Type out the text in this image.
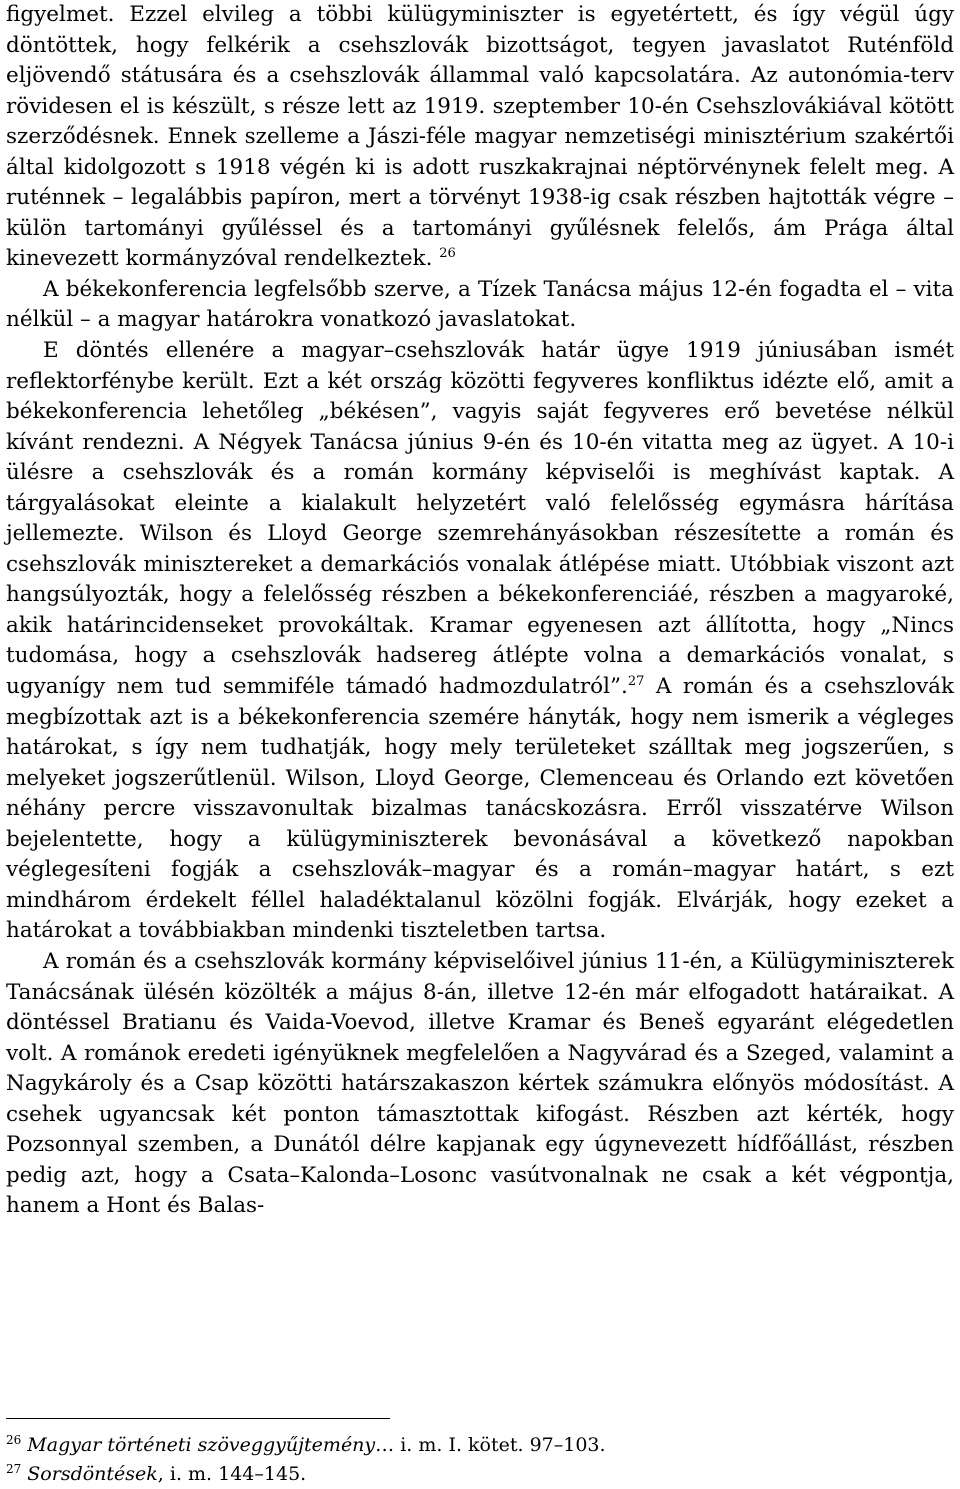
figyelmet. Ezzel elvileg a többi külügyminiszter is egyetértett, és így végül úgy döntöttek, hogy felkérik a csehszlovák bizottságot, tegyen javaslatot Ruténföld eljövendő státusára és a csehszlovák állammal való kapcsolatára. Az autonómia-terv rövidesen el is készült, s része lett az 1919. szeptember 10-én Csehszlovákiával kötött szerződésnek. Ennek szelleme a Jászi-féle magyar nemzetiségi minisztérium szakértői által kidolgozott s 1918 végén ki is adott ruszkakrajnai néptörvénynek felelt meg. A ruténnek – legalábbis papíron, mert a törvényt 1938-ig csak részben hajtották végre – külön tartományi gyűléssel és a tartományi gyűlésnek felelős, ám Prága által kinevezett kormányzóval rendelkeztek. $^{26}$

A békekonferencia legfelsőbb szerve, a Tízek Tanácsa május 12-én fogadta el – vita nélkül – a magyar határokra vonatkozó javaslatokat.

E döntés ellenére a magyar–csehszlovák határ ügye 1919 júniusában ismét reflektorfénybe került. Ezt a két ország közötti fegyveres konfliktus idézte elő, amit a békekonferencia lehetőleg „békésen”, vagyis saját fegyveres erő bevetése nélkül kívánt rendezni. A Négyek Tanácsa június 9-én és 10-én vitatta meg az ügyet. A 10-i ülésre a csehszlovák és a román kormány képviselői is meghívást kaptak. A tárgyalásokat eleinte a kialakult helyzetért való felelősség egymásra hárítása jellemezte. Wilson és Lloyd George szemrehányásokban részesítette a román és csehszlovák minisztereket a demarkációs vonalak átlépése miatt. Utóbbiak viszont azt hangsúlyozták, hogy a felelősség részben a békekonferenciáé, részben a magyaroké, akik határincidenseket provokáltak. Kramar egyenesen azt állította, hogy „Nincs tudomása, hogy a csehszlovák hadsereg átlépte volna a demarkációs vonalat, s ugyanígy nem tud semmiféle támadó hadmozdulatról”.$^{27}$ A román és a csehszlovák megbízottak azt is a békekonferencia szemére hányták, hogy nem ismerik a végleges határokat, s így nem tudhatják, hogy mely területeket szálltak meg jogszerűen, s melyeket jogszerűtlenül. Wilson, Lloyd George, Clemenceau és Orlando ezt követően néhány percre visszavonultak bizalmas tanácskozásra. Erről visszatérve Wilson bejelentette, hogy a külügyminiszterek bevonásával a következő napokban véglegesíteni fogják a csehszlovák–magyar és a román–magyar határt, s ezt mindhárom érdekelt féllel haladéktalanul közölni fogják. Elvárják, hogy ezeket a határokat a továbbiakban mindenki tiszteletben tartsa.

A román és a csehszlovák kormány képviselőivel június 11-én, a Külügyminiszterek Tanácsának ülésén közölték a május 8-án, illetve 12-én már elfogadott határaikat. A döntéssel Bratianu és Vaida-Voevod, illetve Kramar és Beneš egyaránt elégedetlen volt. A románok eredeti igényüknek megfelelően a Nagyvárad és a Szeged, valamint a Nagykároly és a Csap közötti határszakaszon kértek számukra előnyös módosítást. A csehek ugyancsak két ponton támasztottak kifogást. Részben azt kérték, hogy Pozsonnyal szemben, a Dunától délre kapjanak egy úgynevezett hídfőállást, részben pedig azt, hogy a Csata–Kalonda–Losonc vasútvonalnak ne csak a két végpontja, hanem a Hont és Balas-

$^{26}$ Magyar történeti szöveggyűjtemény… i. m. I. kötet. 97–103.

$^{27}$ Sorsdöntések, i. m. 144–145.
